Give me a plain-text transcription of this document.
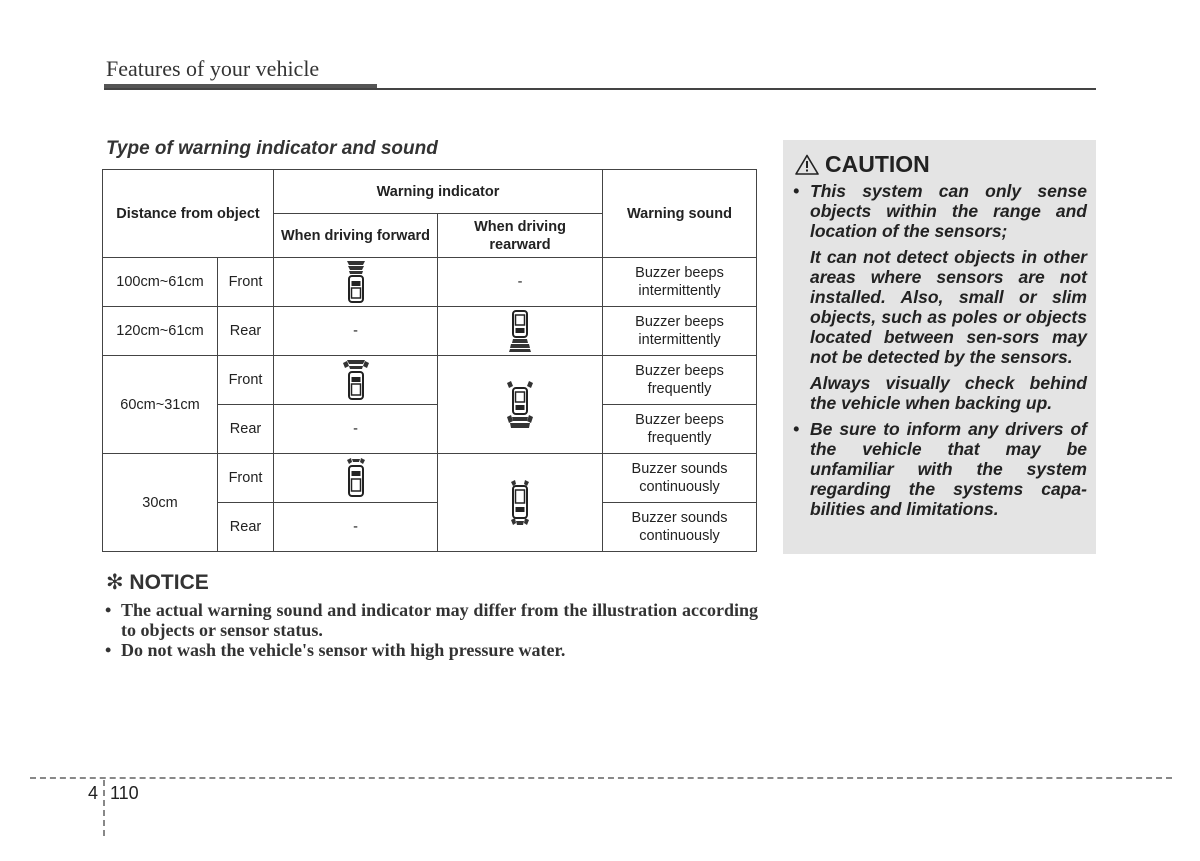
Features of your vehicle
Type of warning indicator and sound
Distance from object		Warning indicator		Warning sound
		When driving forward	When driving rearward	
100cm~61cm	Front		-	Buzzer beeps intermittently
120cm~61cm	Rear	-		Buzzer beeps intermittently
60cm~31cm	Front			Buzzer beeps frequently
	Rear	-		Buzzer beeps frequently
30cm	Front			Buzzer sounds continuously
	Rear	-		Buzzer sounds continuously
✻ NOTICE
• The actual warning sound and indicator may differ from the illustration according to objects or sensor status.
• Do not wash the vehicle's sensor with high pressure water.
CAUTION

• This system can only sense objects within the range and location of the sensors;

It can not detect objects in other areas where sensors are not installed. Also, small or slim objects, such as poles or objects located between sen-sors may not be detected by the sensors.

Always visually check behind the vehicle when backing up.

• Be sure to inform any drivers of the vehicle that may be unfamiliar with the system regarding the systems capa-bilities and limitations.

4 110
